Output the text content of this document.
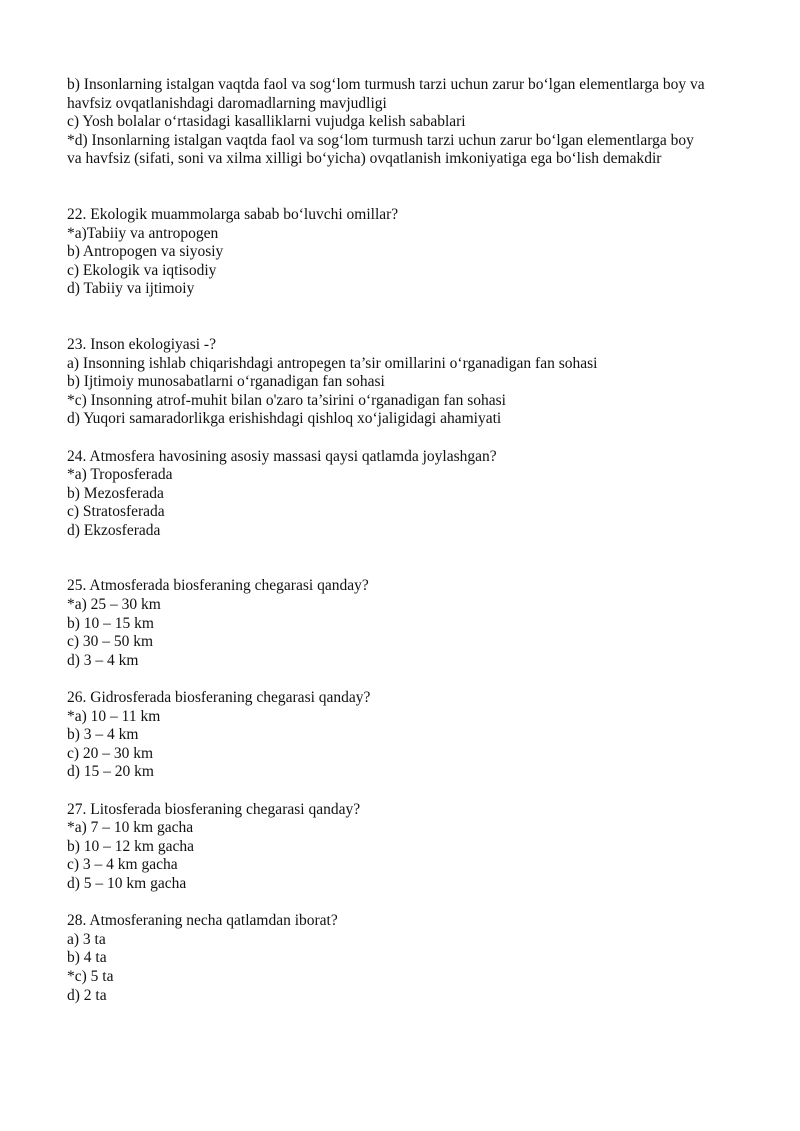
b) Insonlarning istalgan vaqtda faol va sog‘lom turmush tarzi uchun zarur bo‘lgan elementlarga boy va
havfsiz ovqatlanishdagi daromadlarning mavjudligi
c) Yosh bolalar o‘rtasidagi kasalliklarni vujudga kelish sabablari
*d) Insonlarning istalgan vaqtda faol va sog‘lom turmush tarzi uchun zarur bo‘lgan elementlarga boy
va havfsiz (sifati, soni va xilma xilligi bo‘yicha) ovqatlanish imkoniyatiga ega bo‘lish demakdir
22. Ekologik muammolarga sabab bo‘luvchi omillar?
*a)Tabiiy va antropogen
b) Antropogen va siyosiy
c) Ekologik va iqtisodiy
d) Tabiiy va ijtimoiy
23. Inson ekologiyasi -?
a) Insonning ishlab chiqarishdagi antropegen ta’sir omillarini o‘rganadigan fan sohasi
b) Ijtimoiy munosabatlarni o‘rganadigan fan sohasi
*c) Insonning atrof-muhit bilan o'zaro ta’sirini o‘rganadigan fan sohasi
d) Yuqori samaradorlikga erishishdagi qishloq xo‘jaligidagi ahamiyati
24. Atmosfera havosining asosiy massasi qaysi qatlamda joylashgan?
*a) Troposferada
b) Mezosferada
c) Stratosferada
d) Ekzosferada
25. Atmosferada biosferaning chegarasi qanday?
*a) 25 – 30 km
b) 10 – 15 km
c) 30 – 50 km
d) 3 – 4 km
26. Gidrosferada biosferaning chegarasi qanday?
*a) 10 – 11 km
b) 3 – 4 km
c) 20 – 30 km
d) 15 – 20 km
27. Litosferada biosferaning chegarasi qanday?
*a) 7 – 10 km gacha
b) 10 – 12 km gacha
c) 3 – 4 km gacha
d) 5 – 10 km gacha
28. Atmosferaning necha qatlamdan iborat?
a) 3 ta
b) 4 ta
*c) 5 ta
d) 2 ta
